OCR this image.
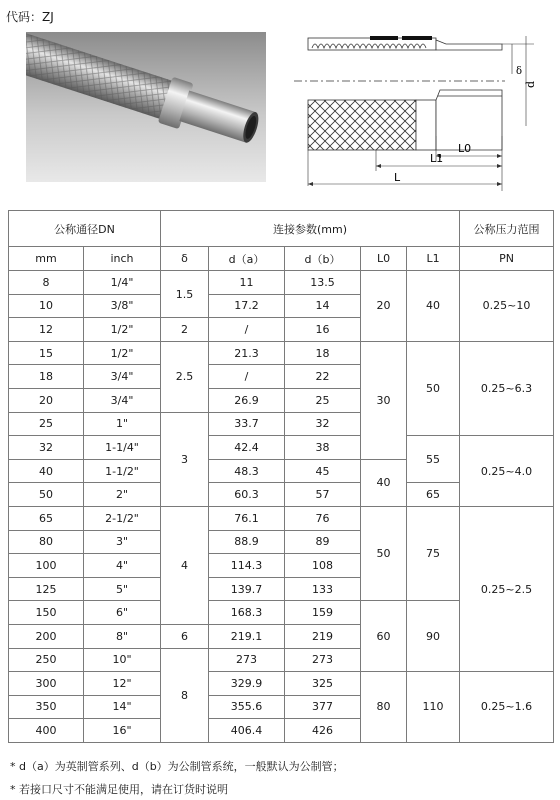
代码：ZJ
δ
d
L0
L1
L
公称通径DN		连接参数(mm)					公称压力范围
mm	inch	δ	d（a）	d（b）	L0	L1	PN
8	1/4"	1.5	11	13.5	20	40	0.25~10
10	3/8"		17.2	14			
12	1/2"	2	/	16			
15	1/2"	2.5	21.3	18	30	50	0.25~6.3
18	3/4"		/	22			
20	3/4"		26.9	25			
25	1"	3	33.7	32			
32	1-1/4"		42.4	38		55	0.25~4.0
40	1-1/2"		48.3	45	40		
50	2"		60.3	57		65	
65	2-1/2"	4	76.1	76	50	75	0.25~2.5
80	3"		88.9	89			
100	4"		114.3	108			
125	5"		139.7	133			
150	6"		168.3	159	60	90	
200	8"	6	219.1	219			
250	10"	8	273	273			
300	12"		329.9	325	80	110	0.25~1.6
350	14"		355.6	377			
400	16"		406.4	426			
* d（a）为英制管系列、d（b）为公制管系统，一般默认为公制管；
* 若接口尺寸不能满足使用，请在订货时说明
